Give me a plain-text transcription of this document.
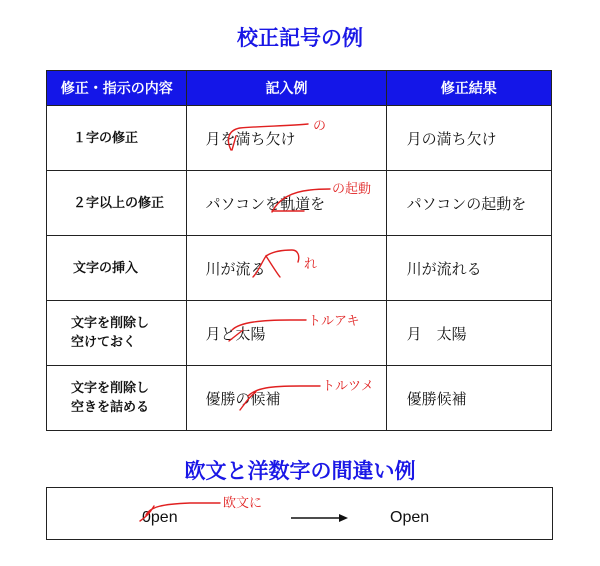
校正記号の例
修正・指示の内容	記入例	修正結果

１字の修正	月を満ち欠け	月の満ち欠け

２字以上の修正	パソコンを軌道を	パソコンの起動を

文字の挿入	川が流る	川が流れる

文字を削除し
空けておく	月と太陽	月　太陽

文字を削除し
空きを詰める	優勝の候補	優勝候補
欧文と洋数字の間違い例
0pen	Open
の
の起動
れ
トルアキ
トルツメ
欧文に
